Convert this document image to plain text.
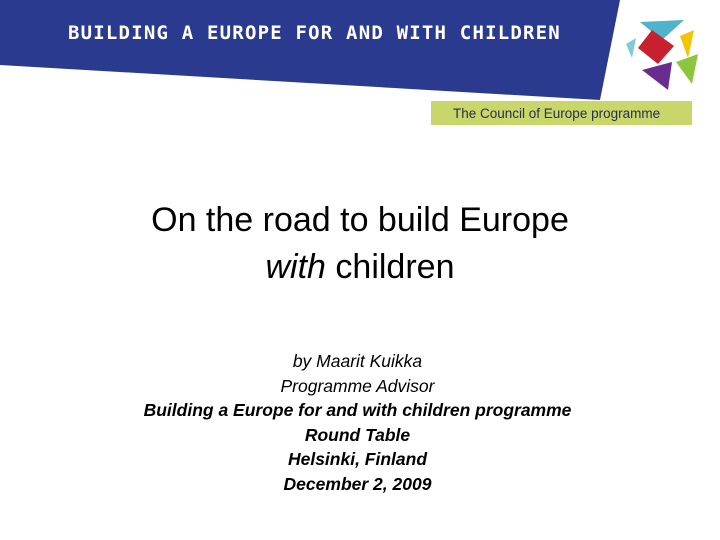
BUILDING A EUROPE FOR AND WITH CHILDREN
The Council of Europe programme
On the road to build Europe
with children
by Maarit Kuikka
Programme Advisor
Building a Europe for and with children programme
Round Table
Helsinki, Finland
December 2, 2009
